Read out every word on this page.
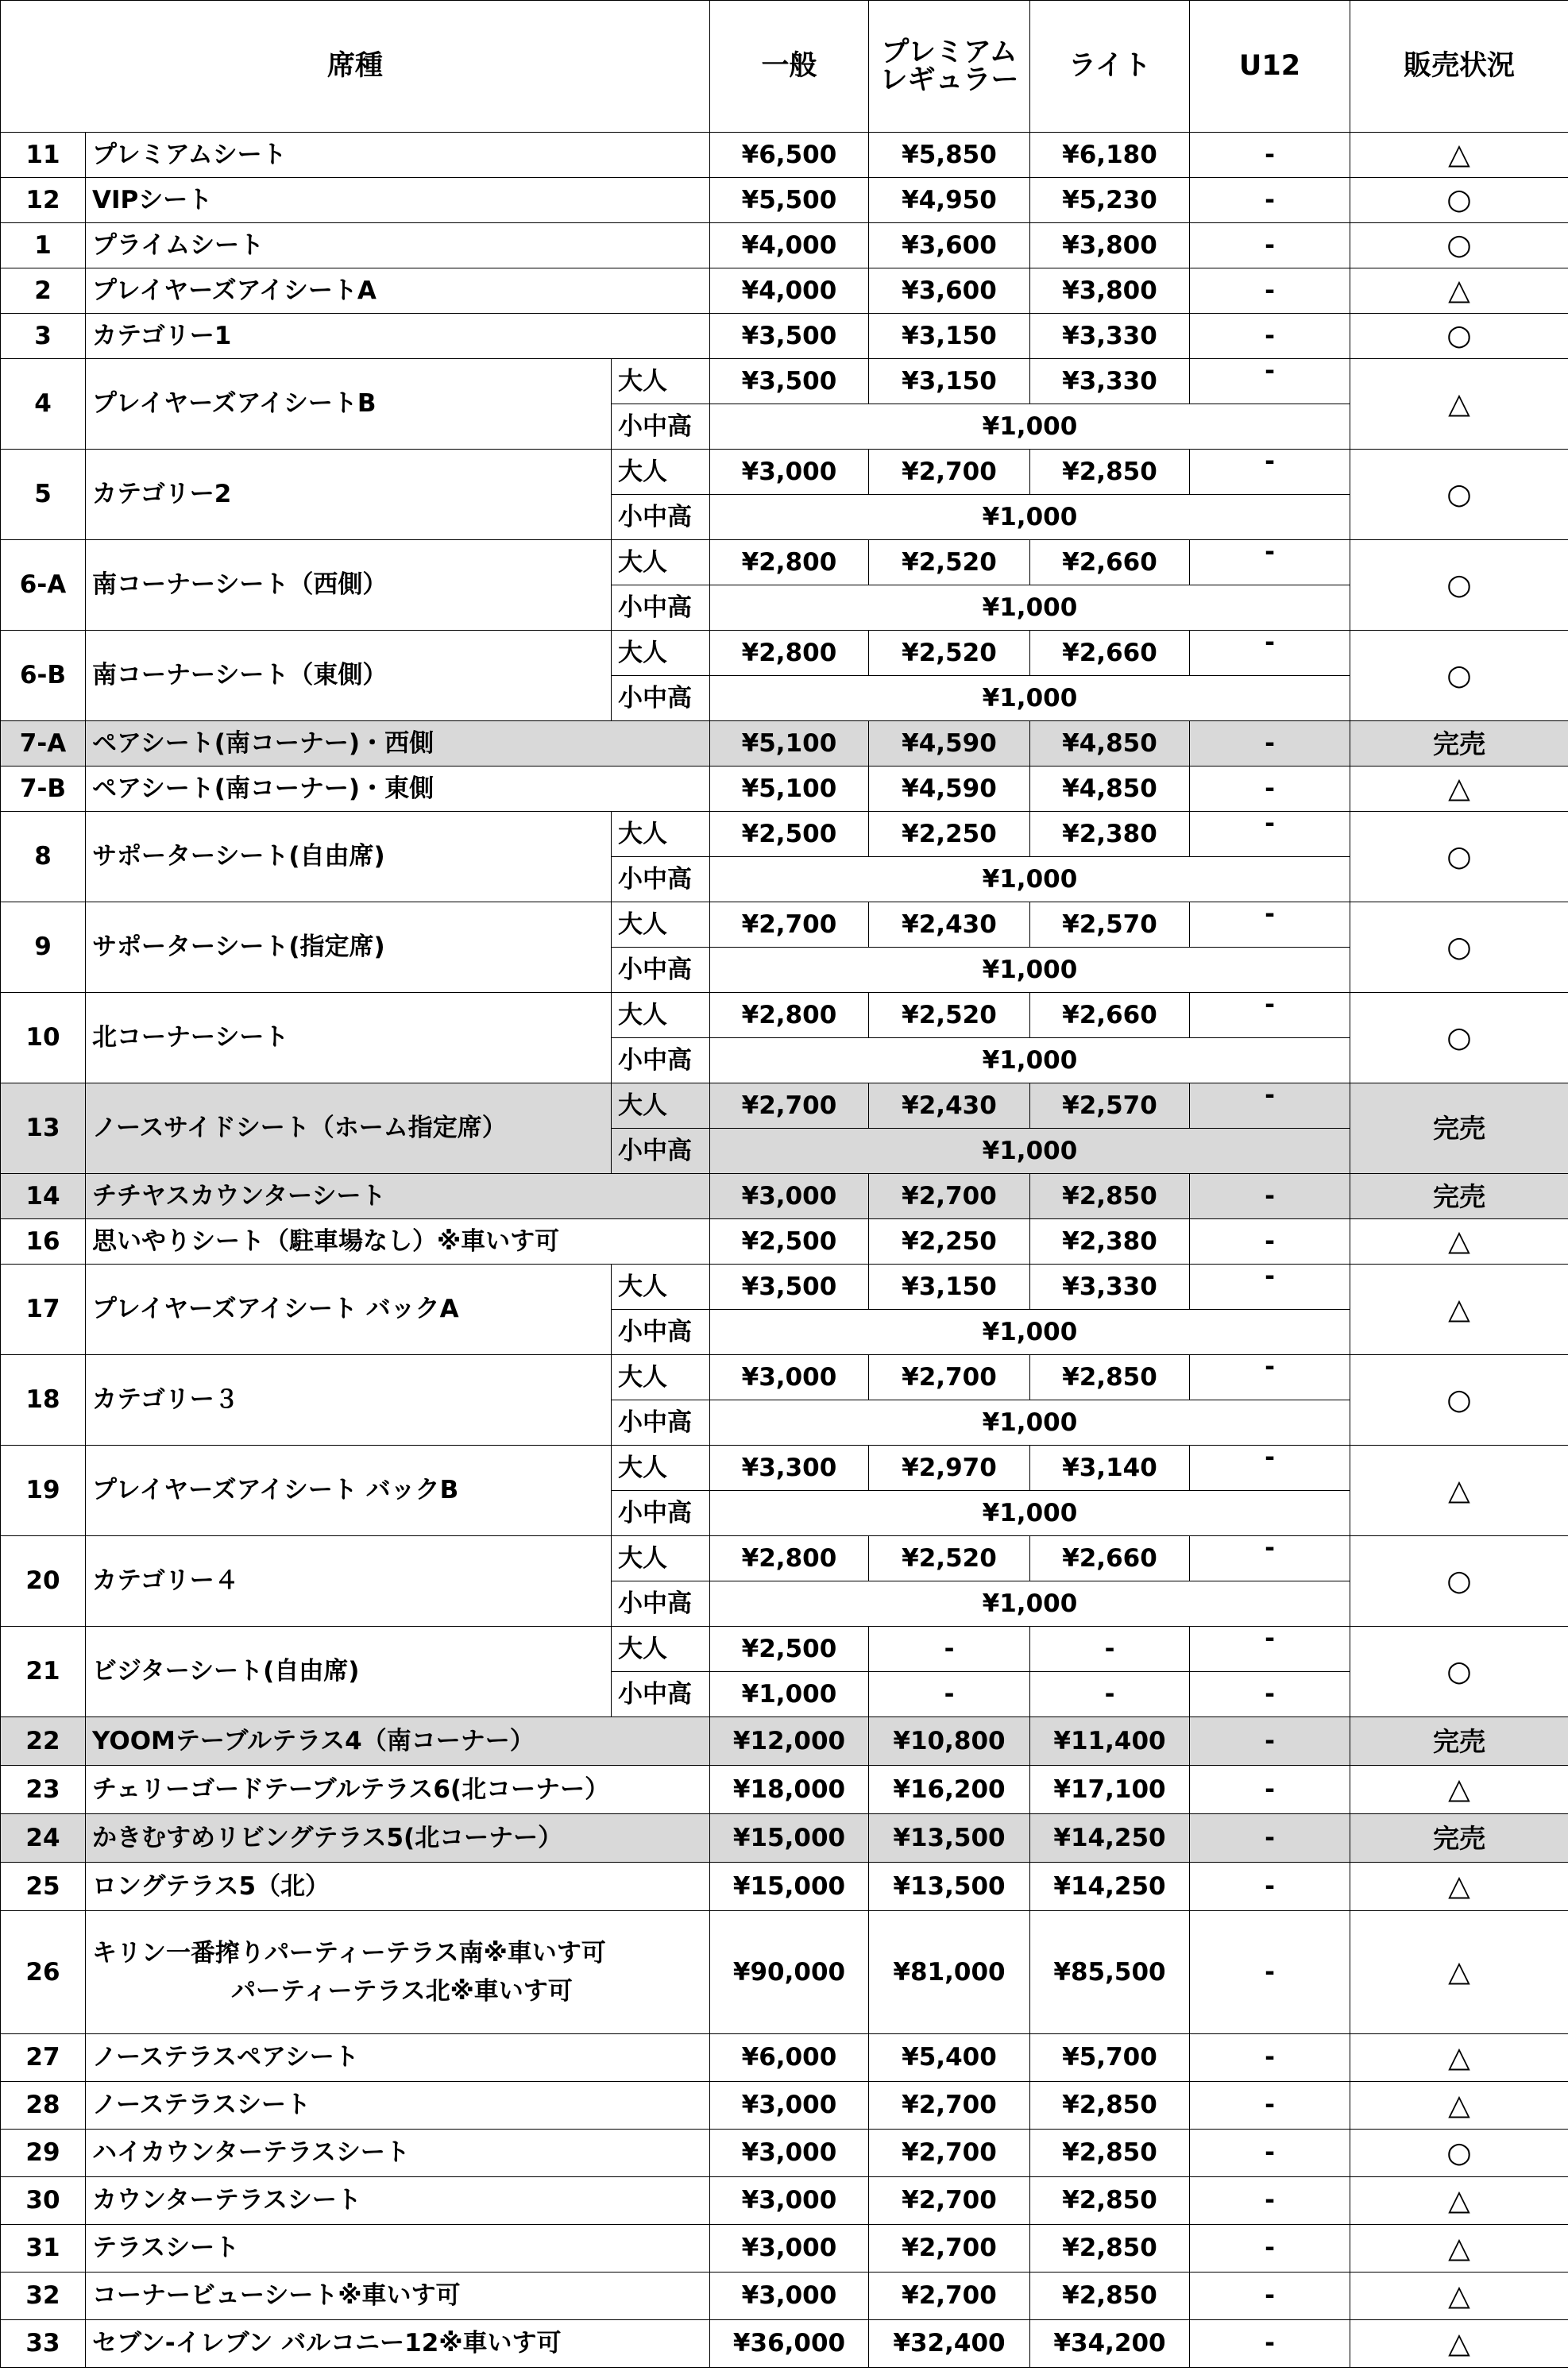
席種			一般	プレミアム
レギュラー	ライト	U12	販売状況
11	プレミアムシート		¥6,500	¥5,850	¥6,180	-	△
12	VIPシート		¥5,500	¥4,950	¥5,230	-	○
1	プライムシート		¥4,000	¥3,600	¥3,800	-	○
2	プレイヤーズアイシートA		¥4,000	¥3,600	¥3,800	-	△
3	カテゴリー1		¥3,500	¥3,150	¥3,330	-	○
4	プレイヤーズアイシートB	大人	¥3,500	¥3,150	¥3,330	-	△
		小中高	¥1,000				
5	カテゴリー2	大人	¥3,000	¥2,700	¥2,850	-	○
		小中高	¥1,000				
6-A	南コーナーシート（西側）	大人	¥2,800	¥2,520	¥2,660	-	○
		小中高	¥1,000				
6-B	南コーナーシート（東側）	大人	¥2,800	¥2,520	¥2,660	-	○
		小中高	¥1,000				
7-A	ペアシート(南コーナー)・西側		¥5,100	¥4,590	¥4,850	-	完売
7-B	ペアシート(南コーナー)・東側		¥5,100	¥4,590	¥4,850	-	△
8	サポーターシート(自由席)	大人	¥2,500	¥2,250	¥2,380	-	○
		小中高	¥1,000				
9	サポーターシート(指定席)	大人	¥2,700	¥2,430	¥2,570	-	○
		小中高	¥1,000				
10	北コーナーシート	大人	¥2,800	¥2,520	¥2,660	-	○
		小中高	¥1,000				
13	ノースサイドシート（ホーム指定席）	大人	¥2,700	¥2,430	¥2,570	-	完売
		小中高	¥1,000				
14	チチヤスカウンターシート		¥3,000	¥2,700	¥2,850	-	完売
16	思いやりシート（駐車場なし）※車いす可		¥2,500	¥2,250	¥2,380	-	△
17	プレイヤーズアイシート バックA	大人	¥3,500	¥3,150	¥3,330	-	△
		小中高	¥1,000				
18	カテゴリー３	大人	¥3,000	¥2,700	¥2,850	-	○
		小中高	¥1,000				
19	プレイヤーズアイシート バックB	大人	¥3,300	¥2,970	¥3,140	-	△
		小中高	¥1,000				
20	カテゴリー４	大人	¥2,800	¥2,520	¥2,660	-	○
		小中高	¥1,000				
21	ビジターシート(自由席)	大人	¥2,500	-	-	-	○
		小中高	¥1,000	-	-	-	
22	YOOMテーブルテラス4（南コーナー）		¥12,000	¥10,800	¥11,400	-	完売
23	チェリーゴードテーブルテラス6(北コーナー）		¥18,000	¥16,200	¥17,100	-	△
24	かきむすめリビングテラス5(北コーナー）		¥15,000	¥13,500	¥14,250	-	完売
25	ロングテラス5（北）		¥15,000	¥13,500	¥14,250	-	△
26	キリン一番搾りパーティーテラス南※車いす可
パーティーテラス北※車いす可		¥90,000	¥81,000	¥85,500	-	△
27	ノーステラスペアシート		¥6,000	¥5,400	¥5,700	-	△
28	ノーステラスシート		¥3,000	¥2,700	¥2,850	-	△
29	ハイカウンターテラスシート		¥3,000	¥2,700	¥2,850	-	○
30	カウンターテラスシート		¥3,000	¥2,700	¥2,850	-	△
31	テラスシート		¥3,000	¥2,700	¥2,850	-	△
32	コーナービューシート※車いす可		¥3,000	¥2,700	¥2,850	-	△
33	セブン-イレブン バルコニー12※車いす可		¥36,000	¥32,400	¥34,200	-	△
